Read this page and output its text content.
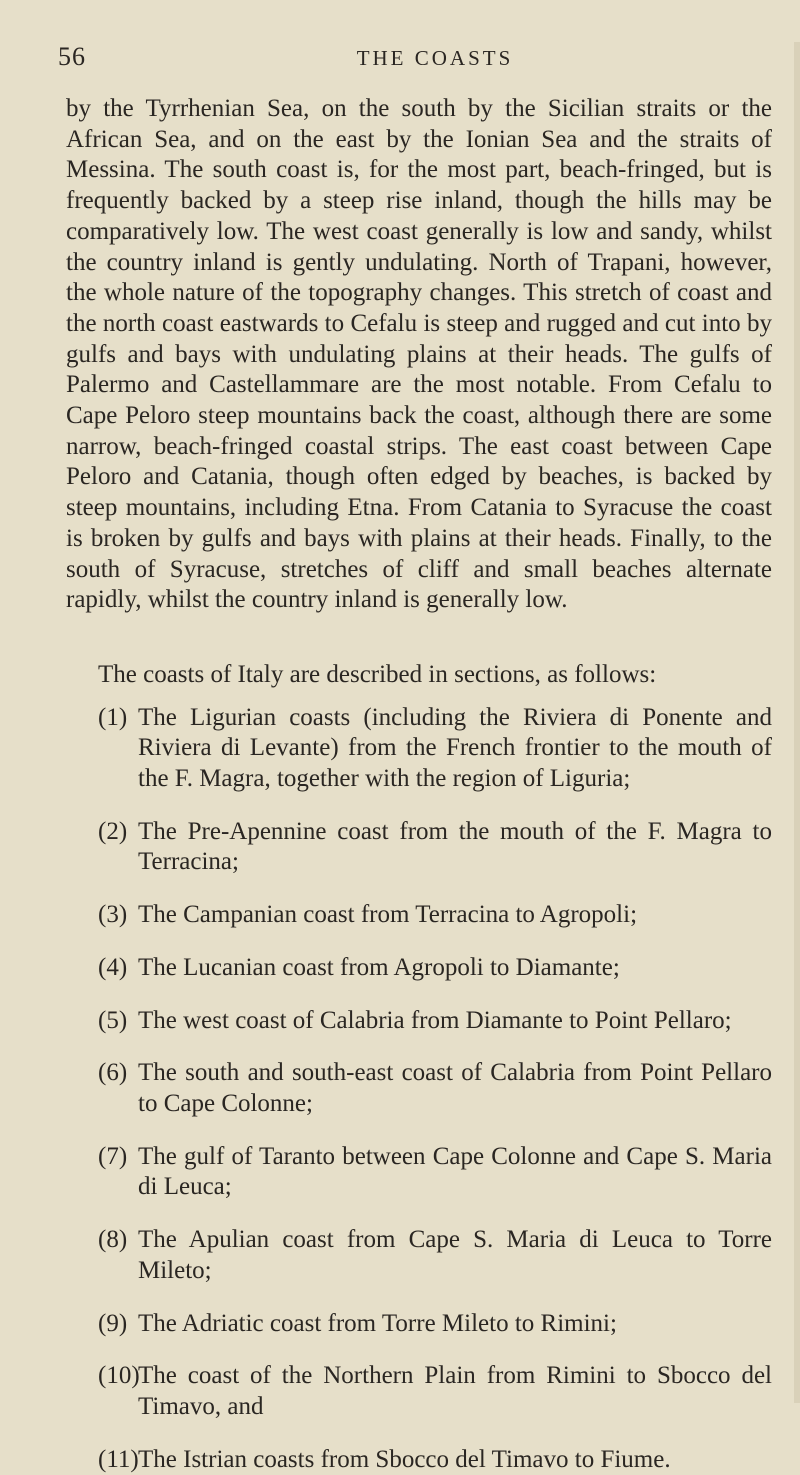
56	THE COASTS

by the Tyrrhenian Sea, on the south by the Sicilian straits or the African Sea, and on the east by the Ionian Sea and the straits of Messina. The south coast is, for the most part, beach-fringed, but is frequently backed by a steep rise inland, though the hills may be comparatively low. The west coast generally is low and sandy, whilst the country inland is gently undulating. North of Trapani, however, the whole nature of the topography changes. This stretch of coast and the north coast eastwards to Cefalu is steep and rugged and cut into by gulfs and bays with undulating plains at their heads. The gulfs of Palermo and Castellammare are the most notable. From Cefalu to Cape Peloro steep mountains back the coast, although there are some narrow, beach-fringed coastal strips. The east coast between Cape Peloro and Catania, though often edged by beaches, is backed by steep mountains, including Etna. From Catania to Syracuse the coast is broken by gulfs and bays with plains at their heads. Finally, to the south of Syracuse, stretches of cliff and small beaches alternate rapidly, whilst the country inland is generally low.

The coasts of Italy are described in sections, as follows:

(1) The Ligurian coasts (including the Riviera di Ponente and Riviera di Levante) from the French frontier to the mouth of the F. Magra, together with the region of Liguria;
(2) The Pre-Apennine coast from the mouth of the F. Magra to Terracina;
(3) The Campanian coast from Terracina to Agropoli;
(4) The Lucanian coast from Agropoli to Diamante;
(5) The west coast of Calabria from Diamante to Point Pellaro;
(6) The south and south-east coast of Calabria from Point Pellaro to Cape Colonne;
(7) The gulf of Taranto between Cape Colonne and Cape S. Maria di Leuca;
(8) The Apulian coast from Cape S. Maria di Leuca to Torre Mileto;
(9) The Adriatic coast from Torre Mileto to Rimini;
(10)
The coast of the Northern Plain from Rimini to Sbocco del Timavo, and
(11) The Istrian coasts from Sbocco del Timavo to Fiume.
